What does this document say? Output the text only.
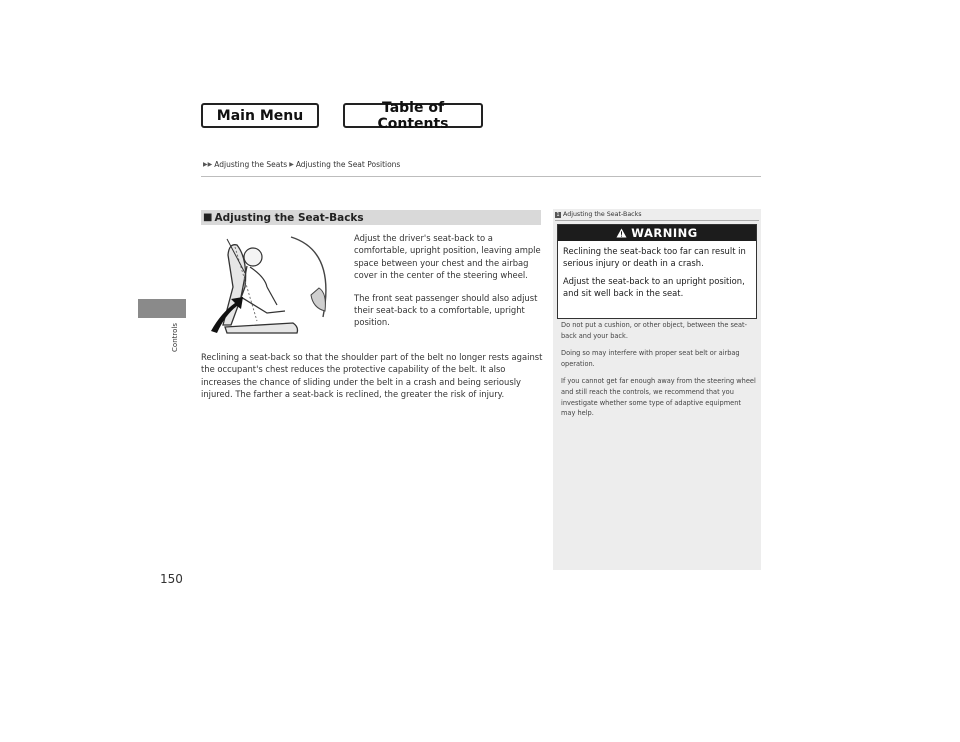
Main Menu	Table of Contents
▶▶ Adjusting the Seats ▶ Adjusting the Seat Positions
Controls
150
■ Adjusting the Seat-Backs

Adjust the driver's seat-back to a comfortable, upright position, leaving ample space between your chest and the airbag cover in the center of the steering wheel.

The front seat passenger should also adjust their seat-back to a comfortable, upright position.

Reclining a seat-back so that the shoulder part of the belt no longer rests against the occupant's chest reduces the protective capability of the belt. It also increases the chance of sliding under the belt in a crash and being seriously injured. The farther a seat-back is reclined, the greater the risk of injury.
1 Adjusting the Seat-Backs
WARNING

Reclining the seat-back too far can result in serious injury or death in a crash.

Adjust the seat-back to an upright position, and sit well back in the seat.

Do not put a cushion, or other object, between the seat-back and your back.

Doing so may interfere with proper seat belt or airbag operation.

If you cannot get far enough away from the steering wheel and still reach the controls, we recommend that you investigate whether some type of adaptive equipment may help.
